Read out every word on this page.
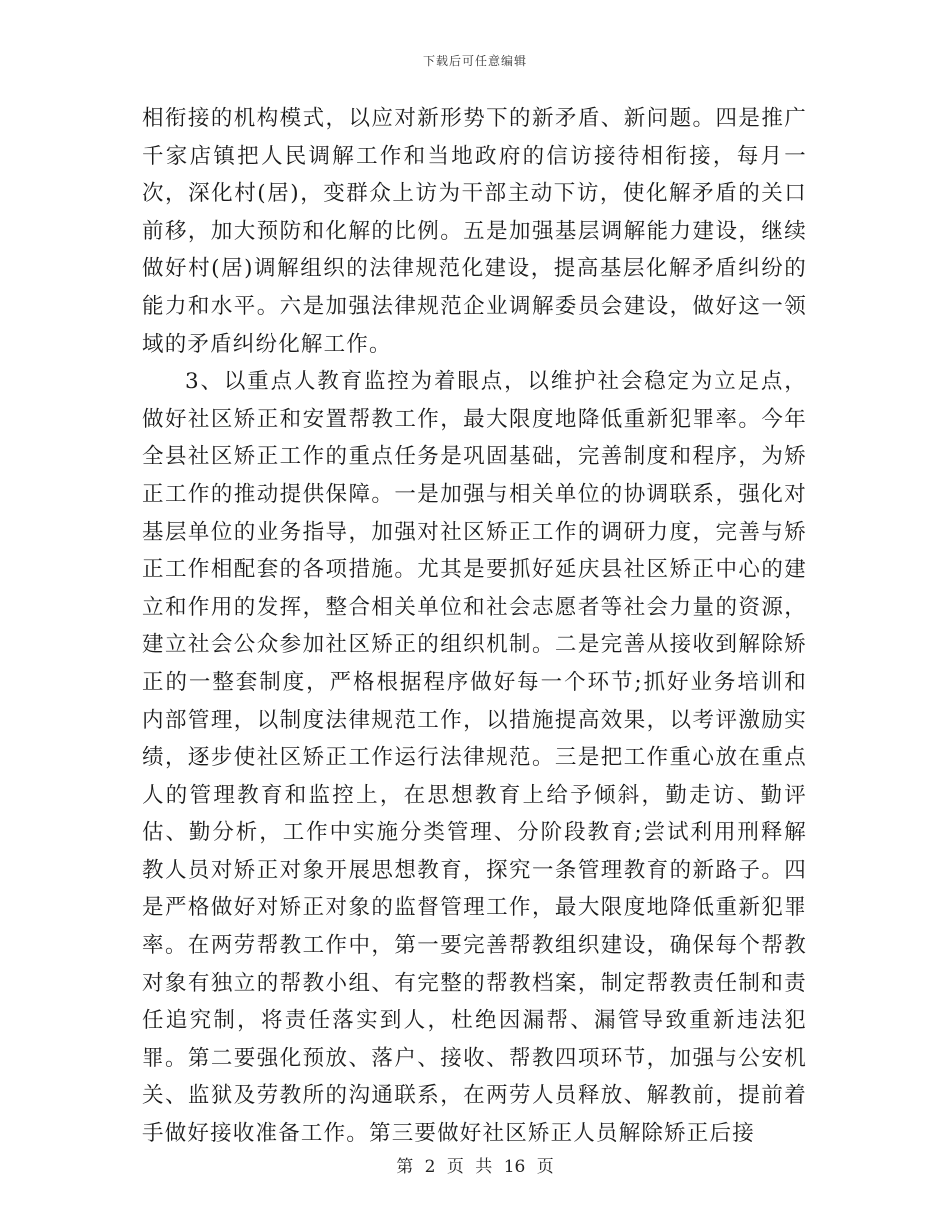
下载后可任意编辑

相衔接的机构模式，以应对新形势下的新矛盾、新问题。四是推广千家店镇把人民调解工作和当地政府的信访接待相衔接，每月一次，深化村(居)，变群众上访为干部主动下访，使化解矛盾的关口前移，加大预防和化解的比例。五是加强基层调解能力建设，继续做好村(居)调解组织的法律规范化建设，提高基层化解矛盾纠纷的能力和水平。六是加强法律规范企业调解委员会建设，做好这一领域的矛盾纠纷化解工作。

3、以重点人教育监控为着眼点，以维护社会稳定为立足点，做好社区矫正和安置帮教工作，最大限度地降低重新犯罪率。今年全县社区矫正工作的重点任务是巩固基础，完善制度和程序，为矫正工作的推动提供保障。一是加强与相关单位的协调联系，强化对基层单位的业务指导，加强对社区矫正工作的调研力度，完善与矫正工作相配套的各项措施。尤其是要抓好延庆县社区矫正中心的建立和作用的发挥，整合相关单位和社会志愿者等社会力量的资源，建立社会公众参加社区矫正的组织机制。二是完善从接收到解除矫正的一整套制度，严格根据程序做好每一个环节;抓好业务培训和内部管理，以制度法律规范工作，以措施提高效果，以考评激励实绩，逐步使社区矫正工作运行法律规范。三是把工作重心放在重点人的管理教育和监控上，在思想教育上给予倾斜，勤走访、勤评估、勤分析，工作中实施分类管理、分阶段教育;尝试利用刑释解教人员对矫正对象开展思想教育，探究一条管理教育的新路子。四是严格做好对矫正对象的监督管理工作，最大限度地降低重新犯罪率。在两劳帮教工作中，第一要完善帮教组织建设，确保每个帮教对象有独立的帮教小组、有完整的帮教档案，制定帮教责任制和责任追究制，将责任落实到人，杜绝因漏帮、漏管导致重新违法犯罪。第二要强化预放、落户、接收、帮教四项环节，加强与公安机关、监狱及劳教所的沟通联系，在两劳人员释放、解教前，提前着手做好接收准备工作。第三要做好社区矫正人员解除矫正后接

第 2 页 共 16 页
